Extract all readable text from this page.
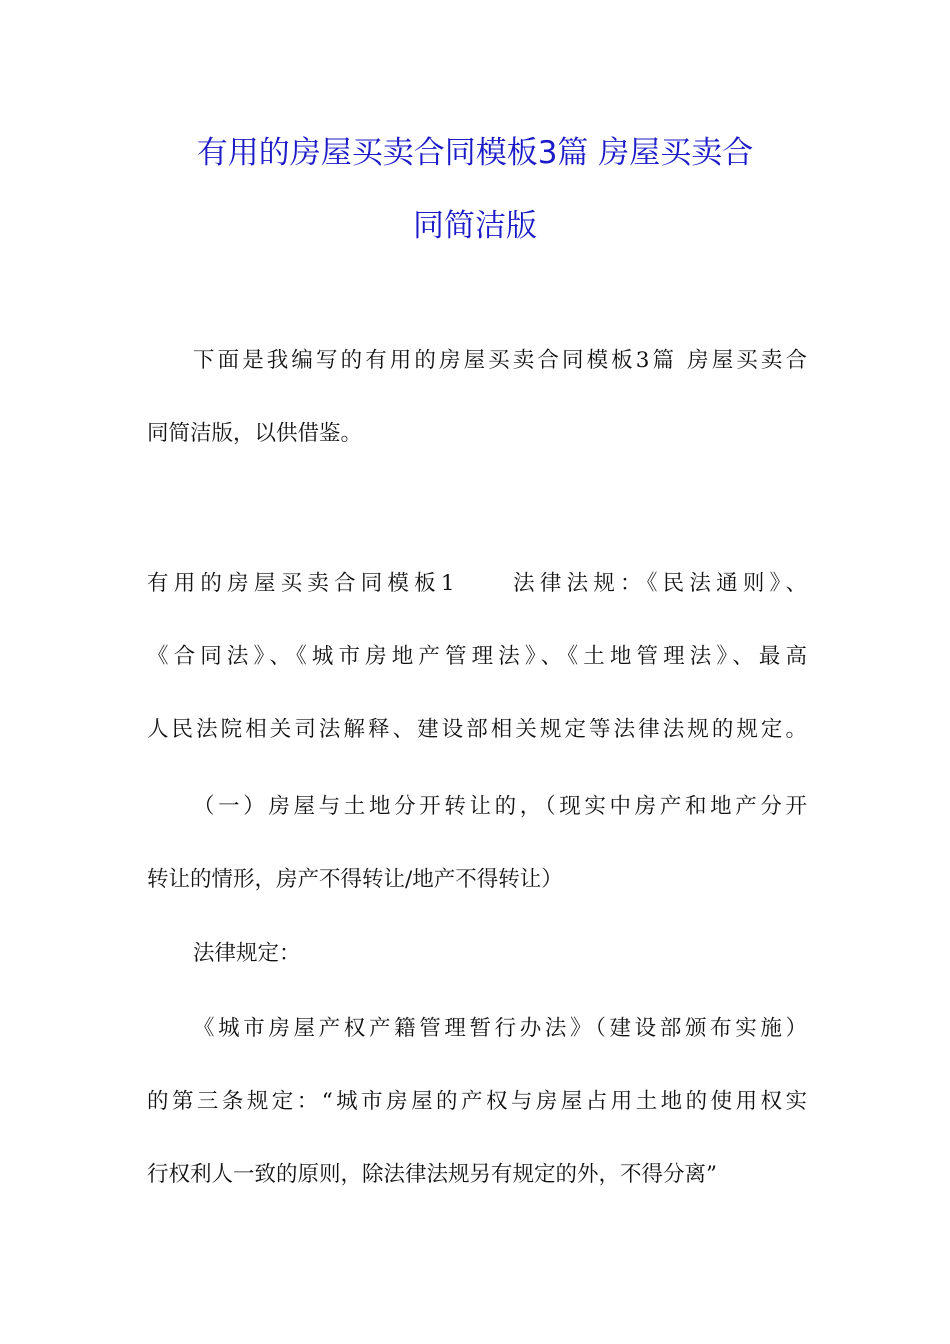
有用的房屋买卖合同模板3篇 房屋买卖合
同简洁版

下面是我编写的有用的房屋买卖合同模板3篇 房屋买卖合
同简洁版，以供借鉴。

有用的房屋买卖合同模板1　　法律法规：《民法通则》、
《合同法》、《城市房地产管理法》、《土地管理法》、最高
人民法院相关司法解释、建设部相关规定等法律法规的规定。

（一）房屋与土地分开转让的，（现实中房产和地产分开
转让的情形，房产不得转让/地产不得转让）

法律规定：

《城市房屋产权产籍管理暂行办法》（建设部颁布实施）
的第三条规定：“城市房屋的产权与房屋占用土地的使用权实
行权利人一致的原则，除法律法规另有规定的外，不得分离”
